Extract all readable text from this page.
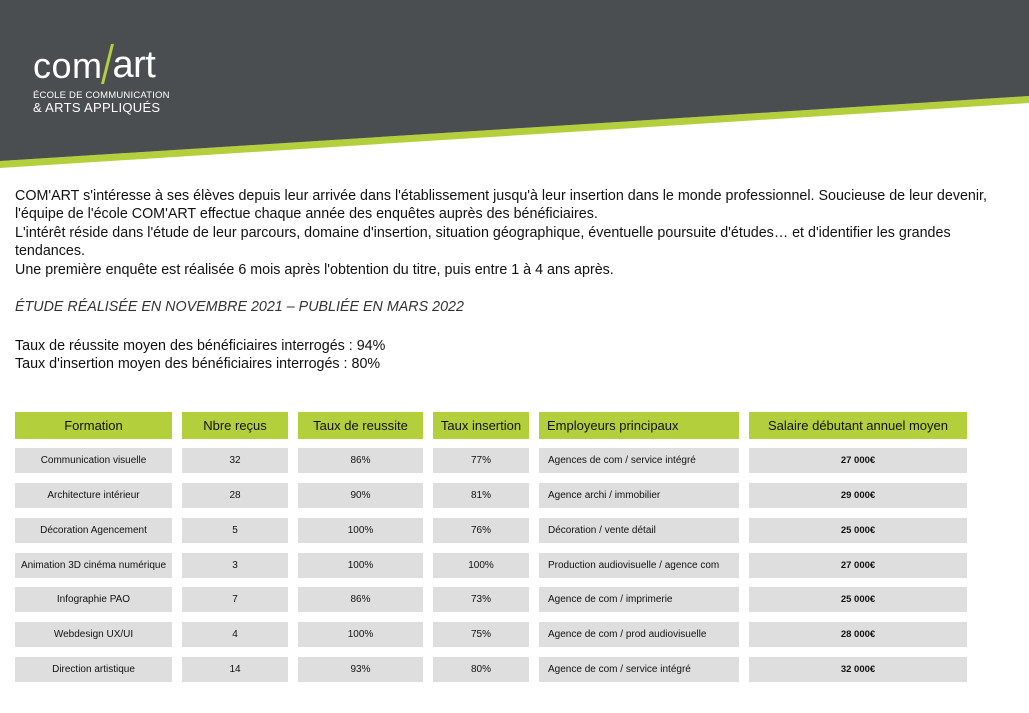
com art
ÉCOLE DE COMMUNICATION
& ARTS APPLIQUÉS

COM'ART s'intéresse à ses élèves depuis leur arrivée dans l'établissement jusqu'à leur insertion dans le monde professionnel. Soucieuse de leur devenir, l'équipe de l'école COM'ART effectue chaque année des enquêtes auprès des bénéficiaires.

L'intérêt réside dans l'étude de leur parcours, domaine d'insertion, situation géographique, éventuelle poursuite d'études… et d'identifier les grandes tendances.

Une première enquête est réalisée 6 mois après l'obtention du titre, puis entre 1 à 4 ans après.

ÉTUDE RÉALISÉE EN NOVEMBRE 2021 – PUBLIÉE EN MARS 2022
Taux de réussite moyen des bénéficiaires interrogés : 94%
Taux d'insertion moyen des bénéficiaires interrogés : 80%
Formation	Nbre reçus	Taux de reussite	Taux insertion	Employeurs principaux	Salaire débutant annuel moyen
Communication visuelle	32	86%	77%	Agences de com / service intégré	27 000€
Architecture intérieur	28	90%	81%	Agence archi / immobilier	29 000€
Décoration Agencement	5	100%	76%	Décoration / vente détail	25 000€
Animation 3D cinéma numérique	3	100%	100%	Production audiovisuelle / agence com	27 000€
Infographie PAO	7	86%	73%	Agence de com / imprimerie	25 000€
Webdesign UX/UI	4	100%	75%	Agence de com / prod audiovisuelle	28 000€
Direction artistique	14	93%	80%	Agence de com / service intégré	32 000€
